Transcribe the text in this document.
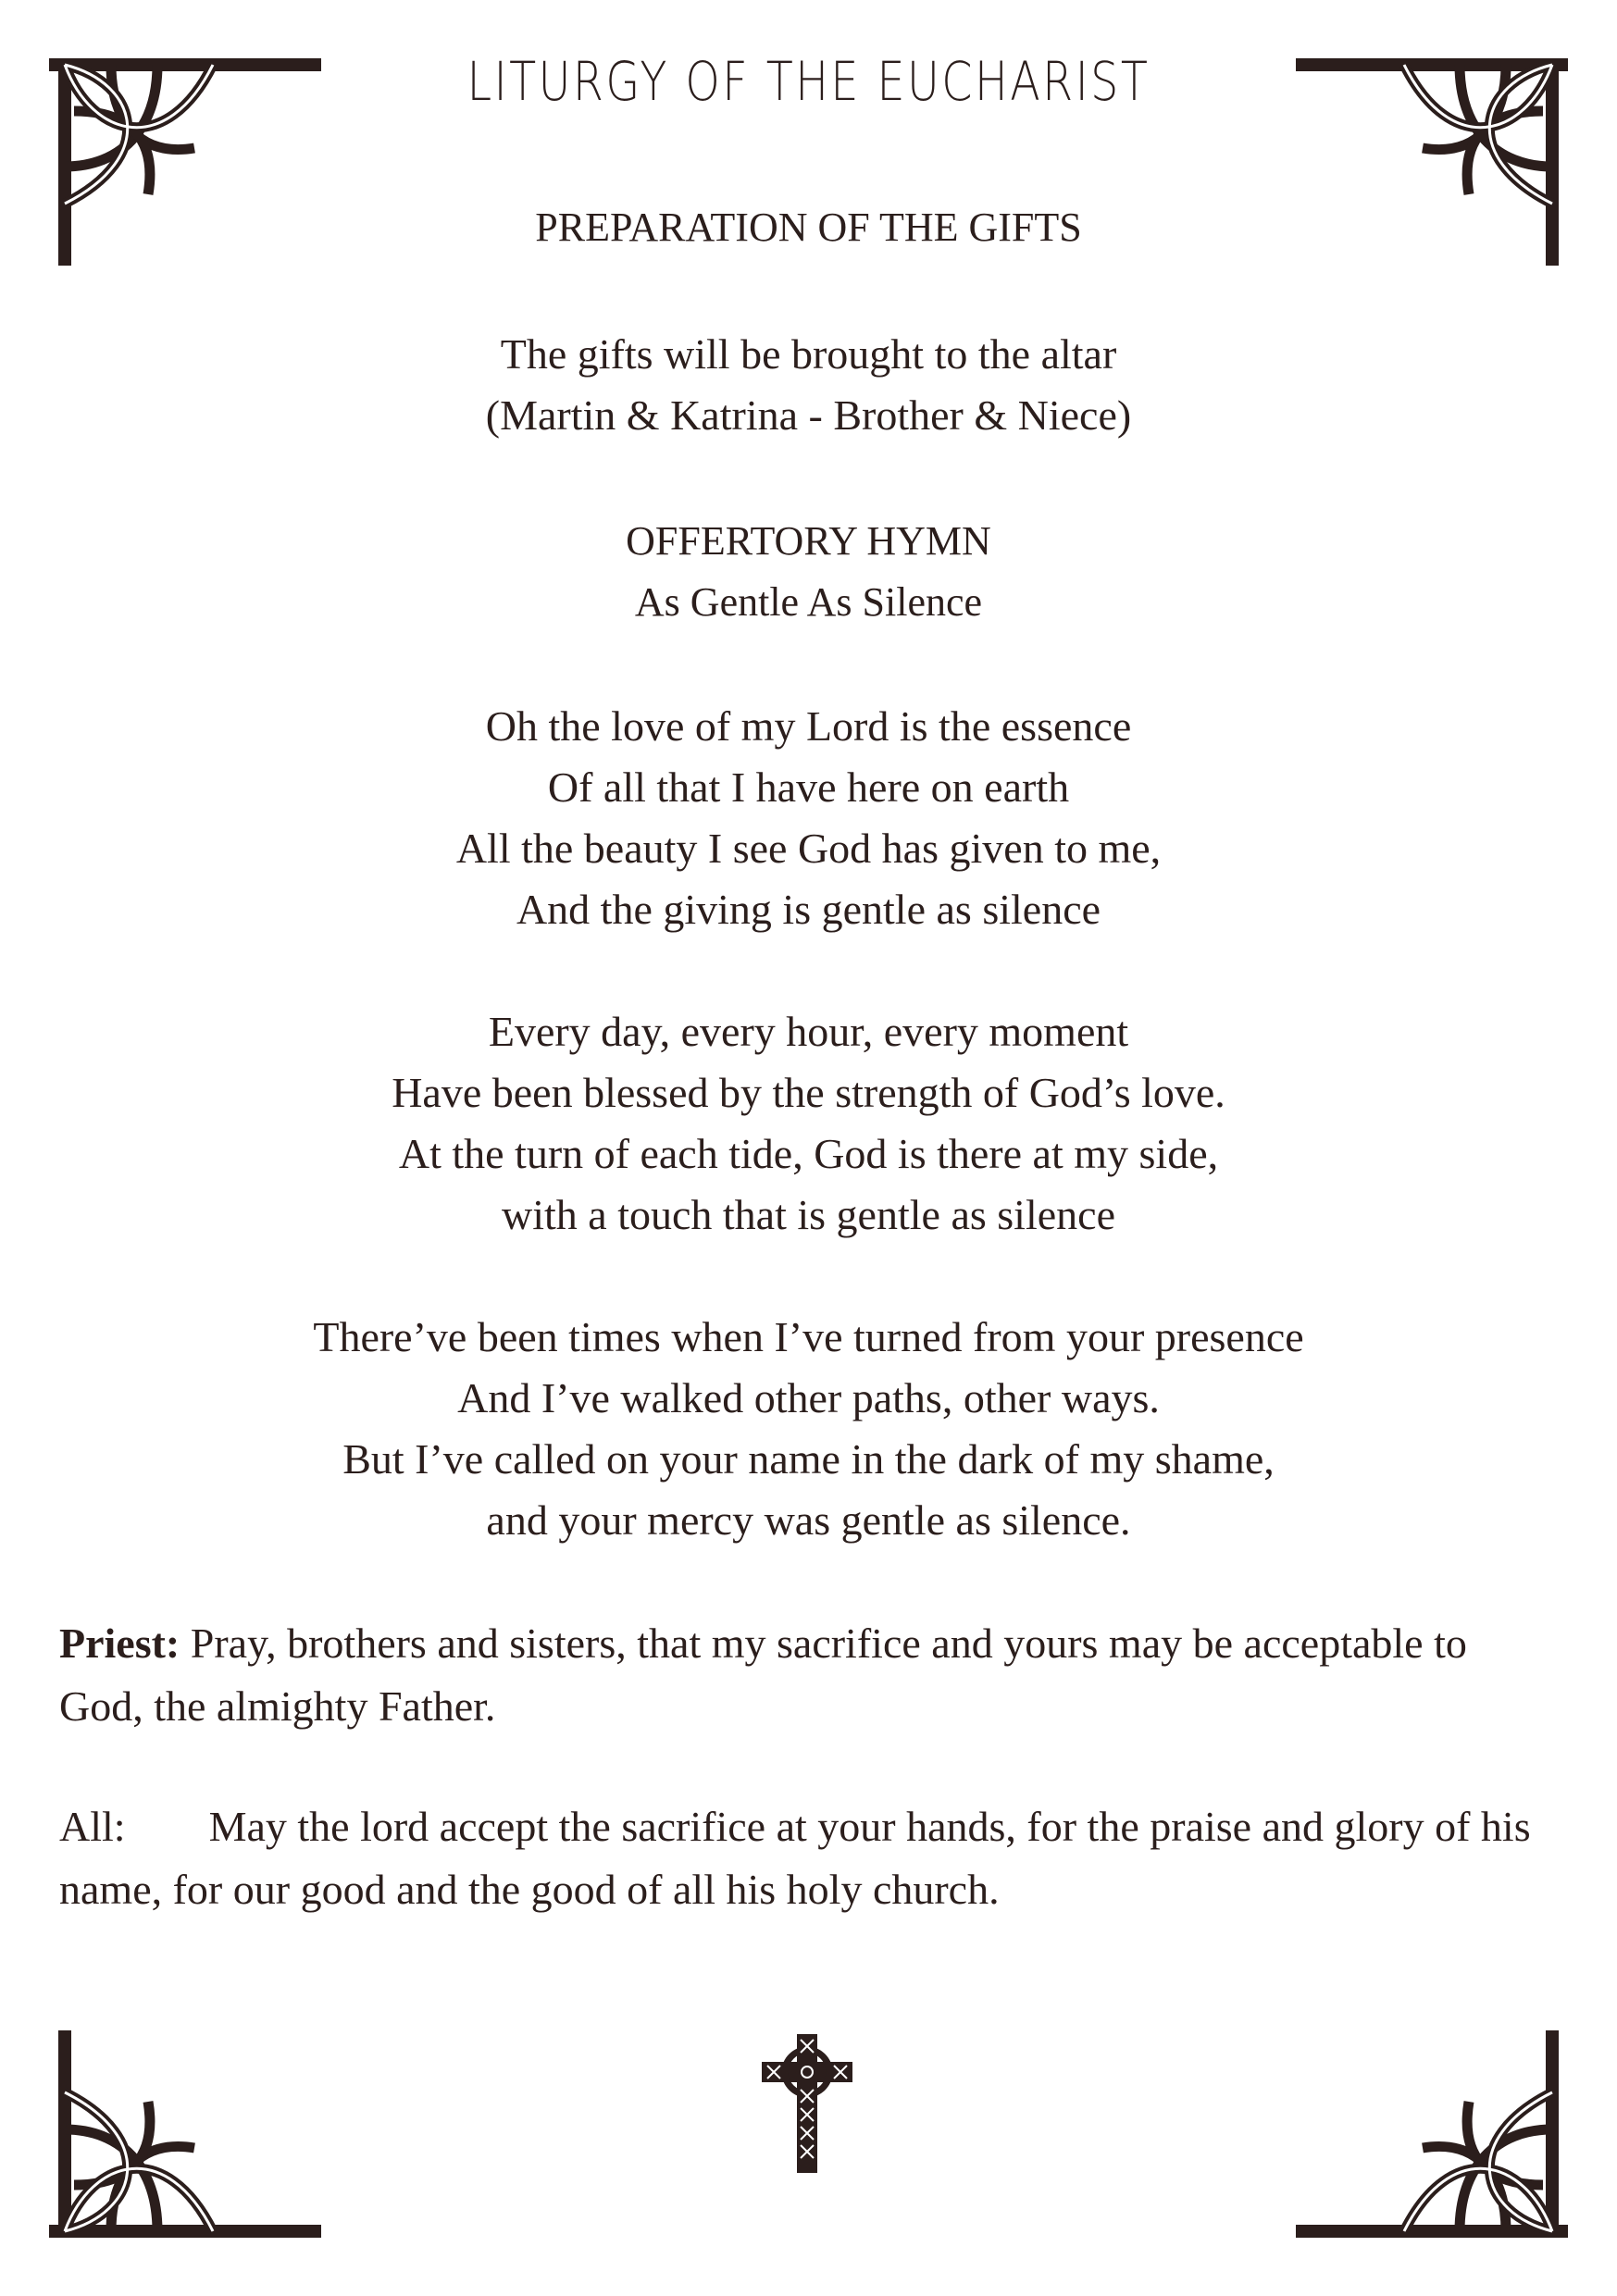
LITURGY OF THE EUCHARIST

PREPARATION OF THE GIFTS

The gifts will be brought to the altar
(Martin & Katrina - Brother & Niece)
OFFERTORY HYMN
As Gentle As Silence
Oh the love of my Lord is the essence
Of all that I have here on earth
All the beauty I see God has given to me,
And the giving is gentle as silence
Every day, every hour, every moment
Have been blessed by the strength of God’s love.
At the turn of each tide, God is there at my side,
with a touch that is gentle as silence
There’ve been times when I’ve turned from your presence
And I’ve walked other paths, other ways.
But I’ve called on your name in the dark of my shame,
and your mercy was gentle as silence.

Priest: Pray, brothers and sisters, that my sacrifice and yours may be acceptable to God, the almighty Father.

All: May the lord accept the sacrifice at your hands, for the praise and glory of his name, for our good and the good of all his holy church.
